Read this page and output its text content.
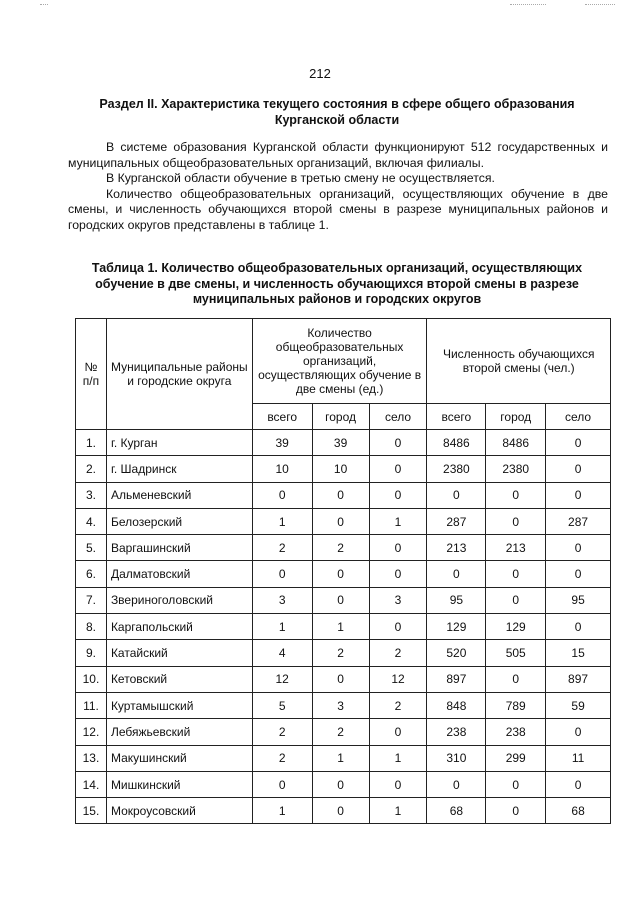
212
Раздел II. Характеристика текущего состояния в сфере общего образования
Курганской области

В системе образования Курганской области функционируют 512 государственных и муниципальных общеобразовательных организаций, включая филиалы.

В Курганской области обучение в третью смену не осуществляется.

Количество общеобразовательных организаций, осуществляющих обучение в две смены, и численность обучающихся второй смены в разрезе муниципальных районов и городских округов представлены в таблице 1.

Таблица 1. Количество общеобразовательных организаций, осуществляющих
обучение в две смены, и численность обучающихся второй смены в разрезе
муниципальных районов и городских округов
№ п/п	Муниципальные районы и городские округа	Количество общеобразовательных организаций, осуществляющих обучение в две смены (ед.)			Численность обучающихся второй смены (чел.)		
		всего	город	село	всего	город	село
1.	г. Курган	39	39	0	8486	8486	0
2.	г. Шадринск	10	10	0	2380	2380	0
3.	Альменевский	0	0	0	0	0	0
4.	Белозерский	1	0	1	287	0	287
5.	Варгашинский	2	2	0	213	213	0
6.	Далматовский	0	0	0	0	0	0
7.	Звериноголовский	3	0	3	95	0	95
8.	Каргапольский	1	1	0	129	129	0
9.	Катайский	4	2	2	520	505	15
10.	Кетовский	12	0	12	897	0	897
11.	Куртамышский	5	3	2	848	789	59
12.	Лебяжьевский	2	2	0	238	238	0
13.	Макушинский	2	1	1	310	299	11
14.	Мишкинский	0	0	0	0	0	0
15.	Мокроусовский	1	0	1	68	0	68
